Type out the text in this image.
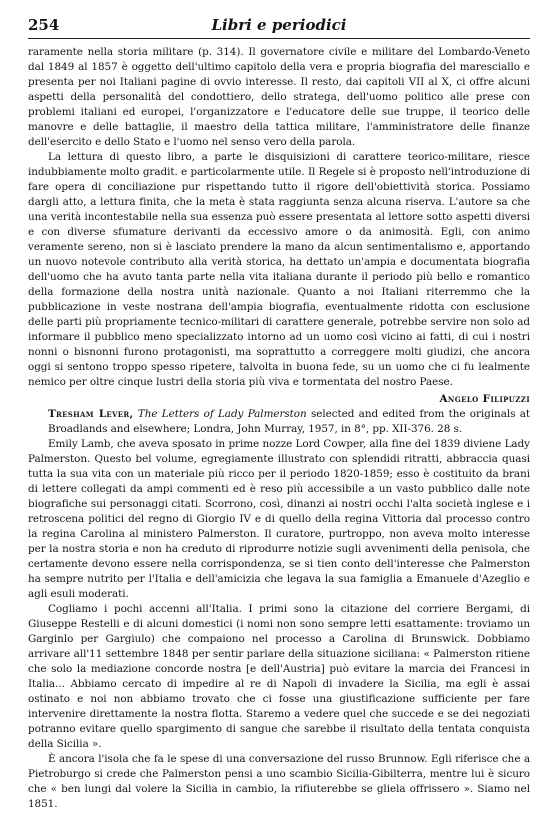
254	Libri e periodici

raramente nella storia militare (p. 314). Il governatore civile e militare del Lombardo-Veneto dal 1849 al 1857 è oggetto dell'ultimo capitolo della vera e propria biografia del maresciallo e presenta per noi Italiani pagine di ovvio interesse. Il resto, dai capitoli VII al X, ci offre alcuni aspetti della personalità del condottiero, dello stratega, dell'uomo politico alle prese con problemi italiani ed europei, l'organizzatore e l'educatore delle sue truppe, il teorico delle manovre e delle battaglie, il maestro della tattica militare, l'amministratore delle finanze dell'esercito e dello Stato e l'uomo nel senso vero della parola.

La lettura di questo libro, a parte le disquisizioni di carattere teorico-militare, riesce indubbiamente molto gradit. e particolarmente utile. Il Regele si è proposto nell'introduzione di fare opera di conciliazione pur rispettando tutto il rigore dell'obiettività storica. Possiamo dargli atto, a lettura finita, che la meta è stata raggiunta senza alcuna riserva. L'autore sa che una verità incontestabile nella sua essenza può essere presentata al lettore sotto aspetti diversi e con diverse sfumature derivanti da eccessivo amore o da animosità. Egli, con animo veramente sereno, non si è lasciato prendere la mano da alcun sentimentalismo e, apportando un nuovo notevole contributo alla verità storica, ha dettato un'ampia e documentata biografia dell'uomo che ha avuto tanta parte nella vita italiana durante il periodo più bello e romantico della formazione della nostra unità nazionale. Quanto a noi Italiani riterremmo che la pubblicazione in veste nostrana dell'ampia biografia, eventualmente ridotta con esclusione delle parti più propriamente tecnico-militari di carattere generale, potrebbe servire non solo ad informare il pubblico meno specializzato intorno ad un uomo così vicino ai fatti, di cui i nostri nonni o bisnonni furono protagonisti, ma soprattutto a correggere molti giudizi, che ancora oggi si sentono troppo spesso ripetere, talvolta in buona fede, su un uomo che ci fu lealmente nemico per oltre cinque lustri della storia più viva e tormentata del nostro Paese.

Angelo Filipuzzi

Tresham Lever, The Letters of Lady Palmerston selected and edited from the originals at Broadlands and elsewhere; Londra, John Murray, 1957, in 8°, pp. XII-376. 28 s.

Emily Lamb, che aveva sposato in prime nozze Lord Cowper, alla fine del 1839 diviene Lady Palmerston. Questo bel volume, egregiamente illustrato con splendidi ritratti, abbraccia quasi tutta la sua vita con un materiale più ricco per il periodo 1820-1859; esso è costituito da brani di lettere collegati da ampi commenti ed è reso più accessibile a un vasto pubblico dalle note biografiche sui personaggi citati. Scorrono, così, dinanzi ai nostri occhi l'alta società inglese e i retroscena politici del regno di Giorgio IV e di quello della regina Vittoria dal processo contro la regina Carolina al ministero Palmerston. Il curatore, purtroppo, non aveva molto interesse per la nostra storia e non ha creduto di riprodurre notizie sugli avvenimenti della penisola, che certamente devono essere nella corrispondenza, se si tien conto dell'interesse che Palmerston ha sempre nutrito per l'Italia e dell'amicizia che legava la sua famiglia a Emanuele d'Azeglio e agli esuli moderati.

Cogliamo i pochi accenni all'Italia. I primi sono la citazione del corriere Bergami, di Giuseppe Restelli e di alcuni domestici (i nomi non sono sempre letti esattamente: troviamo un Garginlo per Gargiulo) che compaiono nel processo a Carolina di Brunswick. Dobbiamo arrivare all'11 settembre 1848 per sentir parlare della situazione siciliana: « Palmerston ritiene che solo la mediazione concorde nostra [e dell'Austria] può evitare la marcia dei Francesi in Italia... Abbiamo cercato di impedire al re di Napoli di invadere la Sicilia, ma egli è assai ostinato e noi non abbiamo trovato che ci fosse una giustificazione sufficiente per fare intervenire direttamente la nostra flotta. Staremo a vedere quel che succede e se dei negoziati potranno evitare quello spargimento di sangue che sarebbe il risultato della tentata conquista della Sicilia ».

È ancora l'isola che fa le spese di una conversazione del russo Brunnow. Egli riferisce che a Pietroburgo si crede che Palmerston pensi a uno scambio Sicilia-Gibilterra, mentre lui è sicuro che « ben lungi dal volere la Sicilia in cambio, la rifiuterebbe se gliela offrissero ». Siamo nel 1851.
